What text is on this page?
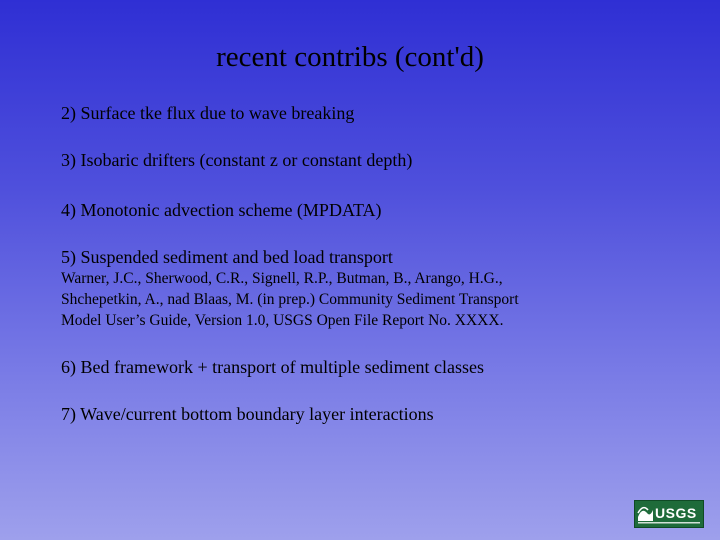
recent contribs (cont'd)
2) Surface tke flux due to wave breaking
3) Isobaric drifters (constant z or constant depth)
4) Monotonic advection scheme (MPDATA)
5) Suspended sediment and bed load transport
Warner, J.C., Sherwood, C.R., Signell, R.P., Butman, B., Arango, H.G.,
Shchepetkin, A., nad Blaas, M. (in prep.) Community Sediment Transport
Model User’s Guide, Version 1.0, USGS Open File Report No. XXXX.
6) Bed framework + transport of multiple sediment classes
7) Wave/current bottom boundary layer interactions
USGS
